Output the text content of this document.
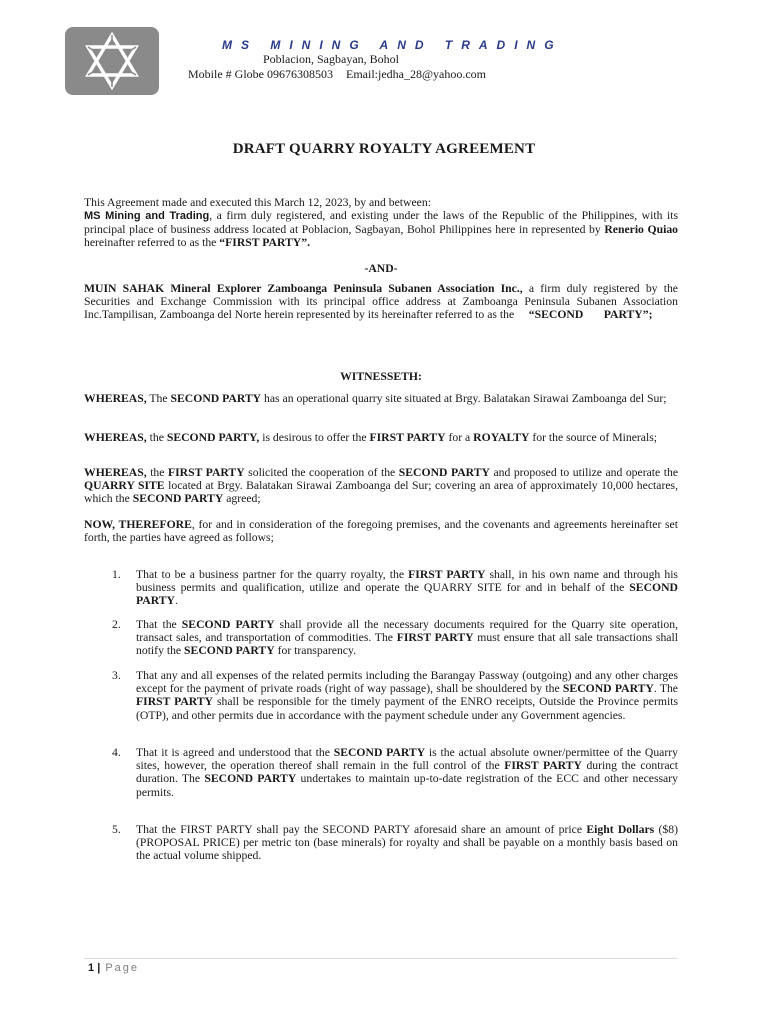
MS MINING AND TRADING
Poblacion, Sagbayan, Bohol
Mobile # Globe 09676308503 Email:jedha_28@yahoo.com
DRAFT QUARRY ROYALTY AGREEMENT
This Agreement made and executed this March 12, 2023, by and between:
MS Mining and Trading, a firm duly registered, and existing under the laws of the Republic of the Philippines, with its principal place of business address located at Poblacion, Sagbayan, Bohol Philippines here in represented by Renerio Quiao hereinafter referred to as the “FIRST PARTY”.
-AND-
MUIN SAHAK Mineral Explorer Zamboanga Peninsula Subanen Association Inc., a firm duly registered by the Securities and Exchange Commission with its principal office address at Zamboanga Peninsula Subanen Association Inc.Tampilisan, Zamboanga del Norte herein represented by its hereinafter referred to as the “SECOND       PARTY”;
WITNESSETH:
WHEREAS, The SECOND PARTY has an operational quarry site situated at Brgy. Balatakan Sirawai Zamboanga del Sur;
WHEREAS, the SECOND PARTY, is desirous to offer the FIRST PARTY for a ROYALTY for the source of Minerals;
WHEREAS, the FIRST PARTY solicited the cooperation of the SECOND PARTY and proposed to utilize and operate the QUARRY SITE located at Brgy. Balatakan Sirawai Zamboanga del Sur; covering an area of approximately 10,000 hectares, which the SECOND PARTY agreed;
NOW, THEREFORE, for and in consideration of the foregoing premises, and the covenants and agreements hereinafter set forth, the parties have agreed as follows;
1.	That to be a business partner for the quarry royalty, the FIRST PARTY shall, in his own name and through his business permits and qualification, utilize and operate the QUARRY SITE for and in behalf of the SECOND PARTY.
2.	That the SECOND PARTY shall provide all the necessary documents required for the Quarry site operation, transact sales, and transportation of commodities. The FIRST PARTY must ensure that all sale transactions shall notify the SECOND PARTY for transparency.
3.	That any and all expenses of the related permits including the Barangay Passway (outgoing) and any other charges except for the payment of private roads (right of way passage), shall be shouldered by the SECOND PARTY. The FIRST PARTY shall be responsible for the timely payment of the ENRO receipts, Outside the Province permits (OTP), and other permits due in accordance with the payment schedule under any Government agencies.
4.	That it is agreed and understood that the SECOND PARTY is the actual absolute owner/permittee of the Quarry sites, however, the operation thereof shall remain in the full control of the FIRST PARTY during the contract duration. The SECOND PARTY undertakes to maintain up-to-date registration of the ECC and other necessary permits.
5.	That the FIRST PARTY shall pay the SECOND PARTY aforesaid share an amount of price Eight Dollars ($8) (PROPOSAL PRICE) per metric ton (base minerals) for royalty and shall be payable on a monthly basis based on the actual volume shipped.
1 | Page
